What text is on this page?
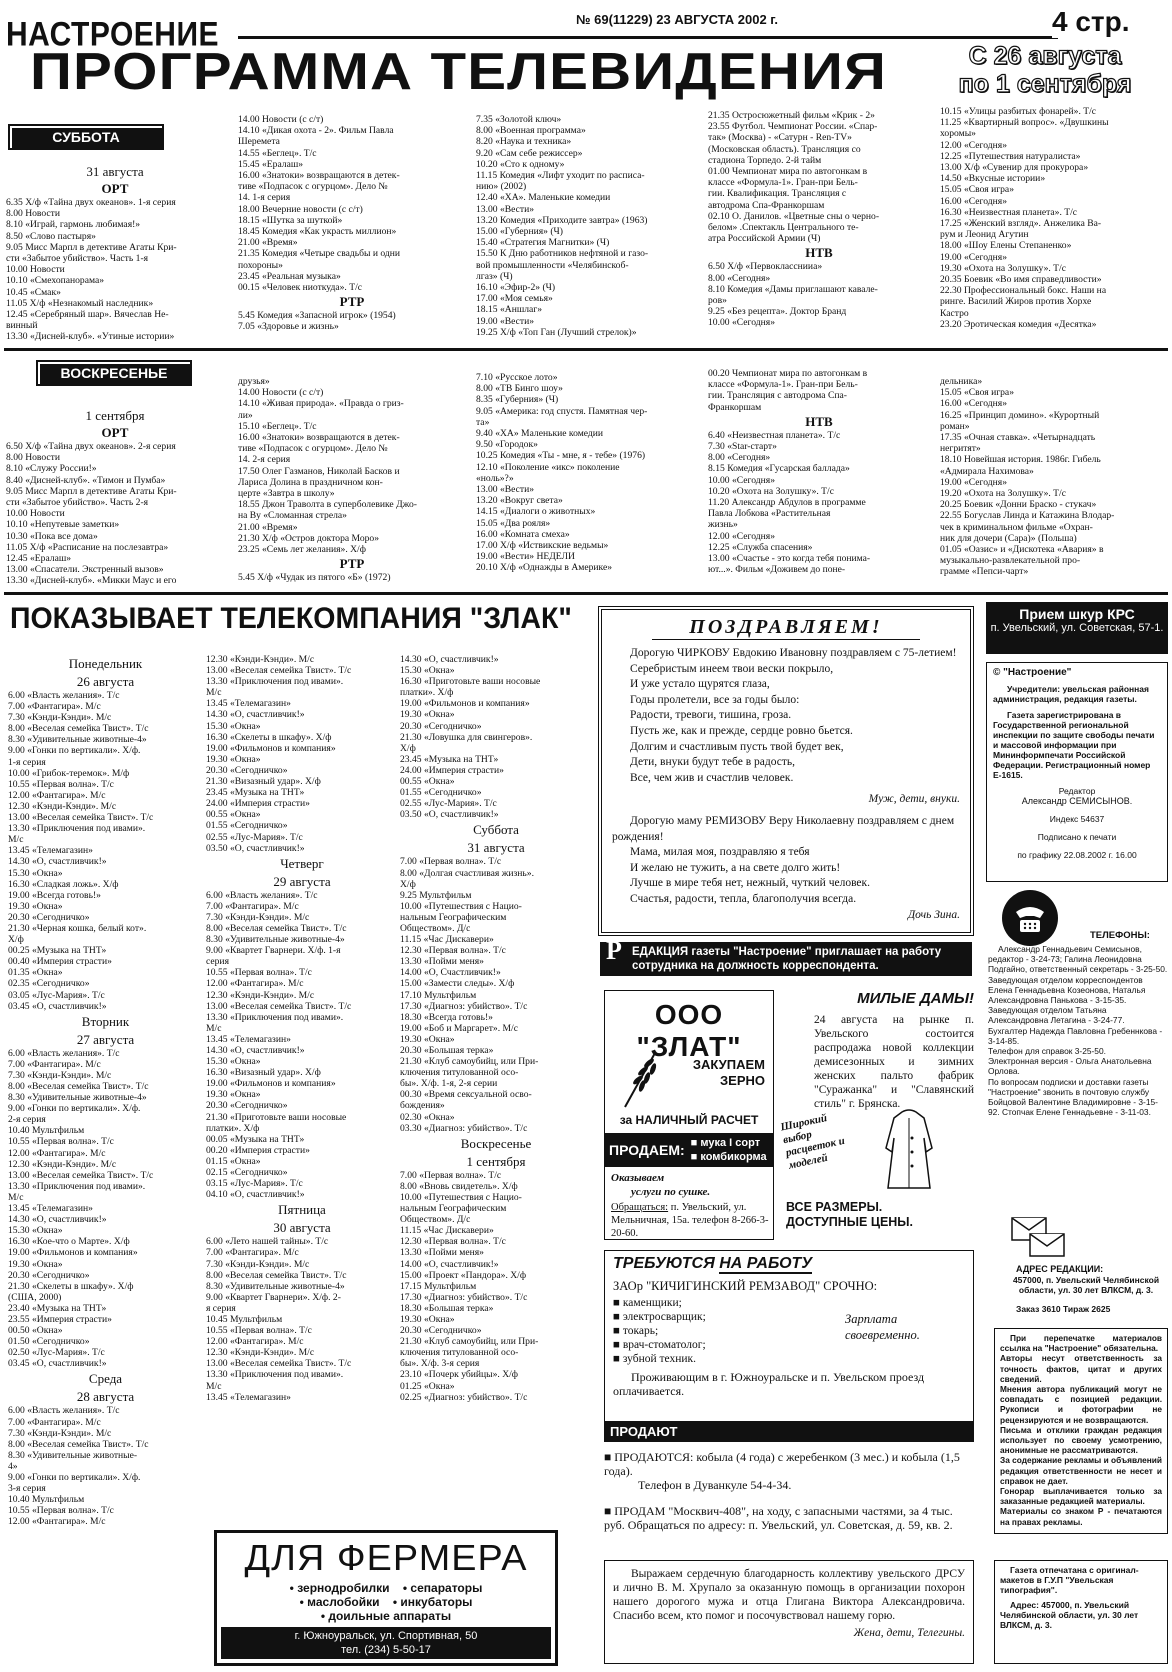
НАСТРОЕНИЕ	№ 69(11229) 23 АВГУСТА 2002 г.	4 стр.
ПРОГРАММА ТЕЛЕВИДЕНИЯ	С 26 августа
по 1 сентября
СУББОТА
31 августа
ОРТ
6.35 Х/ф «Тайна двух океанов». 1-я серия
8.00 Новости
8.10 «Играй, гармонь любимая!»
8.50 «Слово пастыря»
9.05 Мисс Марпл в детективе Агаты Кри-
сти «Забытое убийство». Часть 1-я
10.00 Новости
10.10 «Смехопанорама»
10.45 «Смак»
11.05 Х/ф «Незнакомый наследник»
12.45 «Серебряный шар». Вячеслав Не-
винный
13.30 «Дисней-клуб». «Утиные истории»
14.00 Новости (с с/т)
14.10 «Дикая охота - 2». Фильм Павла
Шеремета
14.55 «Беглец». Т/с
15.45 «Ералаш»
16.00 «Знатоки» возвращаются в детек-
тиве «Подпасок с огурцом». Дело №
14. 1-я серия
18.00 Вечерние новости (с с/т)
18.15 «Шутка за шуткой»
18.45 Комедия «Как украсть миллион»
21.00 «Время»
21.35 Комедия «Четыре свадьбы и одни
похороны»
23.45 «Реальная музыка»
00.15 «Человек ниоткуда». Т/с
РТР
5.45 Комедия «Запасной игрок» (1954)
7.05 «Здоровье и жизнь»
7.35 «Золотой ключ»
8.00 «Военная программа»
8.20 «Наука и техника»
9.20 «Сам себе режиссер»
10.20 «Сто к одному»
11.15 Комедия «Лифт уходит по расписа-
нию» (2002)
12.40 «ХА». Маленькие комедии
13.00 «Вести»
13.20 Комедия «Приходите завтра» (1963)
15.00 «Губерния» (Ч)
15.40 «Стратегия Магнитки» (Ч)
15.50 К Дню работников нефтяной и газо-
вой промышленности «Челябинскоб-
лгаз» (Ч)
16.10 «Эфир-2» (Ч)
17.00 «Моя семья»
18.15 «Аншлаг»
19.00 «Вести»
19.25 Х/ф «Топ Ган (Лучший стрелок)»
21.35 Остросюжетный фильм «Крик - 2»
23.55 Футбол. Чемпионат России. «Спар-
так» (Москва) - «Сатурн - Ren-TV»
(Московская область). Трансляция со
стадиона Торпедо. 2-й тайм
01.00 Чемпионат мира по автогонкам в
классе «Формула-1». Гран-при Бель-
гии. Квалификация. Трансляция с
автодрома Спа-Франкоршам
02.10 О. Данилов. «Цветные сны о черно-
белом» .Спектакль Центрального те-
атра Российской Армии (Ч)
НТВ
6.50 Х/ф «Первокласснииа»
8.00 «Сегодня»
8.10 Комедия «Дамы приглашают кавале-
ров»
9.25 «Без рецепта». Доктор Бранд
10.00 «Сегодня»
10.15 «Улицы разбитых фонарей». Т/с
11.25 «Квартирный вопрос». «Двушкины
хоромы»
12.00 «Сегодня»
12.25 «Путешествия натуралиста»
13.00 Х/ф «Сувенир для прокурора»
14.50 «Вкусные истории»
15.05 «Своя игра»
16.00 «Сегодня»
16.30 «Неизвестная планета». Т/с
17.25 «Женский взгляд». Анжелика Ва-
рум и Леонид Агутин
18.00 «Шоу Елены Степаненко»
19.00 «Сегодня»
19.30 «Охота на Золушку». Т/с
20.35 Боевик «Во имя справедливости»
22.30 Профессиональный бокс. Наши на
ринге. Василий Жиров против Хорхе
Кастро
23.20 Эротическая комедия «Десятка»
ВОСКРЕСЕНЬЕ
1 сентября
ОРТ
6.50 Х/ф «Тайна двух океанов». 2-я серия
8.00 Новости
8.10 «Служу России!»
8.40 «Дисней-клуб». «Тимон и Пумба»
9.05 Мисс Марпл в детективе Агаты Кри-
сти «Забытое убийство». Часть 2-я
10.00 Новости
10.10 «Непутевые заметки»
10.30 «Пока все дома»
11.05 Х/ф «Расписание на послезавтра»
12.45 «Ералаш»
13.00 «Спасатели. Экстренный вызов»
13.30 «Дисней-клуб». «Микки Маус и его
друзья»
14.00 Новости (с с/т)
14.10 «Живая природа». «Правда о гриз-
ли»
15.10 «Беглец». Т/с
16.00 «Знатоки» возвращаются в детек-
тиве «Подпасок с огурцом». Дело №
14. 2-я серия
17.50 Олег Газманов, Николай Басков и
Лариса Долина в праздничном кон-
церте «Завтра в школу»
18.55 Джон Траволта в суперболевике Джо-
на Ву «Сломанная стрела»
21.00 «Время»
21.30 Х/ф «Остров доктора Моро»
23.25 «Семь лет желания». Х/ф
РТР
5.45 Х/ф «Чудак из пятого «Б» (1972)
7.10 «Русское лото»
8.00 «ТВ Бинго шоу»
8.35 «Губерния» (Ч)
9.05 «Америка: год спустя. Памятная чер-
та»
9.40 «ХА» Маленькие комедии
9.50 «Городок»
10.25 Комедия «Ты - мне, я - тебе» (1976)
12.10 «Поколение «икс» поколение
«ноль»?»
13.00 «Вести»
13.20 «Вокруг света»
14.15 «Диалоги о животных»
15.05 «Два рояля»
16.00 «Комната смеха»
17.00 Х/ф «Иствикские ведьмы»
19.00 «Вести» НЕДЕЛИ
20.10 Х/ф «Однажды в Америке»
00.20 Чемпионат мира по автогонкам в
классе «Формула-1». Гран-при Бель-
гии. Трансляция с автодрома Спа-
Франкоршам
НТВ
6.40 «Неизвестная планета». Т/с
7.30 «Star-старт»
8.00 «Сегодня»
8.15 Комедия «Гусарская баллада»
10.00 «Сегодня»
10.20 «Охота на Золушку». Т/с
11.20 Александр Абдулов в программе
Павла Лобкова «Растительная
жизнь»
12.00 «Сегодня»
12.25 «Служба спасения»
13.00 «Счастье - это когда тебя понима-
ют...». Фильм «Доживем до поне-
дельника»
15.05 «Своя игра»
16.00 «Сегодня»
16.25 «Принцип домино». «Курортный
роман»
17.35 «Очная ставка». «Четырнадцать
негритят»
18.10 Новейшая история. 1986г. Гибель
«Адмирала Нахимова»
19.00 «Сегодня»
19.20 «Охота на Золушку». Т/с
20.25 Боевик «Донни Браско - стукач»
22.55 Богуслав Линда и Катажина Влодар-
чек в криминальном фильме «Охран-
ник для дочери (Сара)» (Польша)
01.05 «Оазис» и «Дискотека «Авария» в
музыкально-развлекательной про-
грамме «Пепси-чарт»
ПОКАЗЫВАЕТ ТЕЛЕКОМПАНИЯ "ЗЛАК"
Понедельник
26 августа
6.00 «Власть желания». Т/с
7.00 «Фантагира». М/с
7.30 «Кэнди-Кэнди». М/с
8.00 «Веселая семейка Твист». Т/с
8.30 «Удивительные животные-4»
9.00 «Гонки по вертикали». Х/ф.
1-я серия
10.00 «Грибок-теремок». М/ф
10.55 «Первая волна». Т/с
12.00 «Фантагира». М/с
12.30 «Кэнди-Кэнди». М/с
13.00 «Веселая семейка Твист». Т/с
13.30 «Приключения под ивами».
М/с
13.45 «Телемагазин»
14.30 «О, счастливчик!»
15.30 «Окна»
16.30 «Сладкая ложь». Х/ф
19.00 «Всегда готовь!»
19.30 «Окна»
20.30 «Сегодничко»
21.30 «Черная кошка, белый кот».
Х/ф
00.25 «Музыка на ТНТ»
00.40 «Империя страсти»
01.35 «Окна»
02.35 «Сегодничко»
03.05 «Лус-Мария». Т/с
03.45 «О, счастливчик!»
Вторник
27 августа
6.00 «Власть желания». Т/с
7.00 «Фантагира». М/с
7.30 «Кэнди-Кэнди». М/с
8.00 «Веселая семейка Твист». Т/с
8.30 «Удивительные животные-4»
9.00 «Гонки по вертикали». Х/ф.
2-я серия
10.40 Мультфильм
10.55 «Первая волна». Т/с
12.00 «Фантагира». М/с
12.30 «Кэнди-Кэнди». М/с
13.00 «Веселая семейка Твист». Т/с
13.30 «Приключения под ивами».
М/с
13.45 «Телемагазин»
14.30 «О, счастливчик!»
15.30 «Окна»
16.30 «Кое-что о Марте». Х/ф
19.00 «Фильмонов и компания»
19.30 «Окна»
20.30 «Сегодничко»
21.30 «Скелеты в шкафу». Х/ф
(США, 2000)
23.40 «Музыка на ТНТ»
23.55 «Империя страсти»
00.50 «Окна»
01.50 «Сегодничко»
02.50 «Лус-Мария». Т/с
03.45 «О, счастливчик!»
Среда
28 августа
6.00 «Власть желания». Т/с
7.00 «Фантагира». М/с
7.30 «Кэнди-Кэнди». М/с
8.00 «Веселая семейка Твист». Т/с
8.30 «Удивительные животные-
4»
9.00 «Гонки по вертикали». Х/ф.
3-я серия
10.40 Мультфильм
10.55 «Первая волна». Т/с
12.00 «Фантагира». М/с
12.30 «Кэнди-Кэнди». М/с
13.00 «Веселая семейка Твист». Т/с
13.30 «Приключения под ивами».
М/с
13.45 «Телемагазин»
14.30 «О, счастливчик!»
15.30 «Окна»
16.30 «Скелеты в шкафу». Х/ф
19.00 «Фильмонов и компания»
19.30 «Окна»
20.30 «Сегодничко»
21.30 «Визазный удар». Х/ф
23.45 «Музыка на ТНТ»
24.00 «Империя страсти»
00.55 «Окна»
01.55 «Сегодничко»
02.55 «Лус-Мария». Т/с
03.50 «О, счастливчик!»
Четверг
29 августа
6.00 «Власть желания». Т/с
7.00 «Фантагира». М/с
7.30 «Кэнди-Кэнди». М/с
8.00 «Веселая семейка Твист». Т/с
8.30 «Удивительные животные-4»
9.00 «Квартет Гварнери. Х/ф. 1-я
серия
10.55 «Первая волна». Т/с
12.00 «Фантагира». М/с
12.30 «Кэнди-Кэнди». М/с
13.00 «Веселая семейка Твист». Т/с
13.30 «Приключения под ивами».
М/с
13.45 «Телемагазин»
14.30 «О, счастливчик!»
15.30 «Окна»
16.30 «Визазный удар». Х/ф
19.00 «Фильмонов и компания»
19.30 «Окна»
20.30 «Сегодничко»
21.30 «Приготовьте ваши носовые
платки». Х/ф
00.05 «Музыка на ТНТ»
00.20 «Империя страсти»
01.15 «Окна»
02.15 «Сегодничко»
03.15 «Лус-Мария». Т/с
04.10 «О, счастливчик!»
Пятница
30 августа
6.00 «Лето нашей тайны». Т/с
7.00 «Фантагира». М/с
7.30 «Кэнди-Кэнди». М/с
8.00 «Веселая семейка Твист». Т/с
8.30 «Удивительные животные-4»
9.00 «Квартет Гварнери». Х/ф. 2-
я серия
10.45 Мультфильм
10.55 «Первая волна». Т/с
12.00 «Фантагира». М/с
12.30 «Кэнди-Кэнди». М/с
13.00 «Веселая семейка Твист». Т/с
13.30 «Приключения под ивами».
М/с
13.45 «Телемагазин»
14.30 «О, счастливчик!»
15.30 «Окна»
16.30 «Приготовьте ваши носовые
платки». Х/ф
19.00 «Фильмонов и компания»
19.30 «Окна»
20.30 «Сегодничко»
21.30 «Ловушка для свингеров».
Х/ф
23.45 «Музыка на ТНТ»
24.00 «Империя страсти»
00.55 «Окна»
01.55 «Сегодничко»
02.55 «Лус-Мария». Т/с
03.50 «О, счастливчик!»
Суббота
31 августа
7.00 «Первая волна». Т/с
8.00 «Долгая счастливая жизнь».
Х/ф
9.25 Мультфильм
10.00 «Путешествия с Нацио-
нальным Географическим
Обществом». Д/с
11.15 «Час Дискавери»
12.30 «Первая волна». Т/с
13.30 «Пойми меня»
14.00 «О, Счастливчик!»
15.00 «Замести следы». Х/ф
17.10 Мультфильм
17.30 «Диагноз: убийство». Т/с
18.30 «Всегда готовь!»
19.00 «Боб и Маргарет». М/с
19.30 «Окна»
20.30 «Большая терка»
21.30 «Клуб самоубийц, или При-
ключения титулованной осо-
бы». Х/ф. 1-я, 2-я серии
00.30 «Время сексуальной осво-
бождения»
02.30 «Окна»
03.30 «Диагноз: убийство». Т/с
Воскресенье
1 сентября
7.00 «Первая волна». Т/с
8.00 «Вновь свидетель». Х/ф
10.00 «Путешествия с Нацио-
нальным Географическим
Обществом». Д/с
11.15 «Час Дискавери»
12.30 «Первая волна». Т/с
13.30 «Пойми меня»
14.00 «О, счастливчик!»
15.00 «Проект «Пандора». Х/ф
17.15 Мультфильм
17.30 «Диагноз: убийство». Т/с
18.30 «Большая терка»
19.30 «Окна»
20.30 «Сегодничко»
21.30 «Клуб самоубийц, или При-
ключения титулованной осо-
бы». Х/ф. 3-я серия
23.10 «Почерк убийцы». Х/ф
01.25 «Окна»
02.25 «Диагноз: убийство». Т/с
ДЛЯ ФЕРМЕРА
• зернодробилки • сепараторы
• маслобойки • инкубаторы
• доильные аппараты
г. Южноуральск, ул. Спортивная, 50
тел. (234) 5-50-17
ПОЗДРАВЛЯЕМ!
Дорогую ЧИРКОВУ Евдокию Ивановну поздравляем с 75-летием!
Серебристым инеем твои вески покрыло,
И уже устало щурятся глаза,
Годы пролетели, все за годы было:
Радости, тревоги, тишина, гроза.
Пусть же, как и прежде, сердце ровно бьется.
Долгим и счастливым пусть твой будет век,
Дети, внуки будут тебе в радость,
Все, чем жив и счастлив человек.
Муж, дети, внуки.
Дорогую маму РЕМИЗОВУ Веру Николаевну поздравляем с днем рождения!
Мама, милая моя, поздравляю я тебя
И желаю не тужить, а на свете долго жить!
Лучше в мире тебя нет, нежный, чуткий человек.
Счастья, радости, тепла, благополучия всегда.
Дочь Зина.
Р ЕДАКЦИЯ газеты "Настроение" приглашает на работу сотрудника на должность корреспондента.
ООО "ЗЛАТ"
ЗАКУПАЕМ
ЗЕРНО
за НАЛИЧНЫЙ РАСЧЕТ
ПРОДАЕМ: ■ мука I сорт
■ комбикорма
Оказываем
услуги по сушке.
Обращаться: п. Увельский, ул. Мельничная, 15а. телефон 8-266-3-20-60.
МИЛЫЕ ДАМЫ!
24 августа на рынке п. Увельского состоится распродажа новой коллекции демисезонных и зимних женских пальто фабрик "Суражанка" и "Славянский стиль" г. Брянска.
Широкий выбор расцветок и моделей
ВСЕ РАЗМЕРЫ.
ДОСТУПНЫЕ ЦЕНЫ.
ТРЕБУЮТСЯ НА РАБОТУ
ЗАОр "КИЧИГИНСКИЙ РЕМЗАВОД" СРОЧНО:
■ каменщики;
■ электросварщик;
■ токарь;
■ врач-стоматолог;
■ зубной техник.
Зарплата своевременно.
Проживающим в г. Южноуральске и п. Увельском проезд оплачивается.
ПРОДАЮТ
■ ПРОДАЮТСЯ: кобыла (4 года) с жеребенком (3 мес.) и кобыла (1,5 года).
Телефон в Дуванкуле 54-4-34.
■ ПРОДАМ "Москвич-408", на ходу, с запасными частями, за 4 тыс. руб. Обращаться по адресу: п. Увельский, ул. Советская, д. 59, кв. 2.
Выражаем сердечную благодарность коллективу увельского ДРСУ и лично В. М. Хрупало за оказанную помощь в организации похорон нашего дорогого мужа и отца Глигана Виктора Александровича. Спасибо всем, кто помог и посочувствовал нашему горю.
Жена, дети, Телегины.
Прием шкур КРС
п. Увельский, ул. Советская, 57-1.
© "Настроение"
Учредители: увельская районная администрация, редакция газеты.
Газета зарегистрирована в Государственной региональной инспекции по защите свободы печати и массовой информации при Мининформпечати Российской Федерации. Регистрационный номер Е-1615.
Редактор
Александр СЕМИСЫНОВ.
Индекс 54637
Подписано к печати
по графику 22.08.2002 г. 16.00
ТЕЛЕФОНЫ:
Александр Геннадьевич Семисынов, редактор - 3-24-73; Галина Леонидовна Подгайно, ответственный секретарь - 3-25-50.
Заведующая отделом корреспондентов Елена Геннадьевна Козеонова, Наталья Александровна Панькова - 3-15-35.
Заведующая отделом Татьяна Александровна Летагина - 3-24-77.
Бухгалтер Надежда Павловна Гребеннкова - 3-14-85.
Телефон для справок 3-25-50.
Электронная версия - Ольга Анатольевна Орлова.
По вопросам подписки и доставки газеты "Настроение" звонить в почтовую службу Бойцовой Валентине Владимировне - 3-15-92. Стопчак Елене Геннадьевне - 3-11-03.
АДРЕС РЕДАКЦИИ:
457000, п. Увельский Челябинской области, ул. 30 лет ВЛКСМ, д. 3.
Заказ 3610 Тираж 2625
При перепечатке материалов ссылка на "Настроение" обязательна.
Авторы несут ответственность за точность фактов, цитат и других сведений.
Мнения автора публикаций могут не совпадать с позицией редакции. Рукописи и фотографии не рецензируются и не возвращаются.
Письма и отклики граждан редакция использует по своему усмотрению, анонимные не рассматриваются.
За содержание рекламы и объявлений редакция ответственности не несет и справок не дает.
Гонорар выплачивается только за заказанные редакцией материалы.
Материалы со знаком Р - печатаются на правах рекламы.
Газета отпечатана с оригинал-макетов в Г.У.П "Увельская типография".
Адрес: 457000, п. Увельский Челябинской области, ул. 30 лет ВЛКСМ, д. 3.
